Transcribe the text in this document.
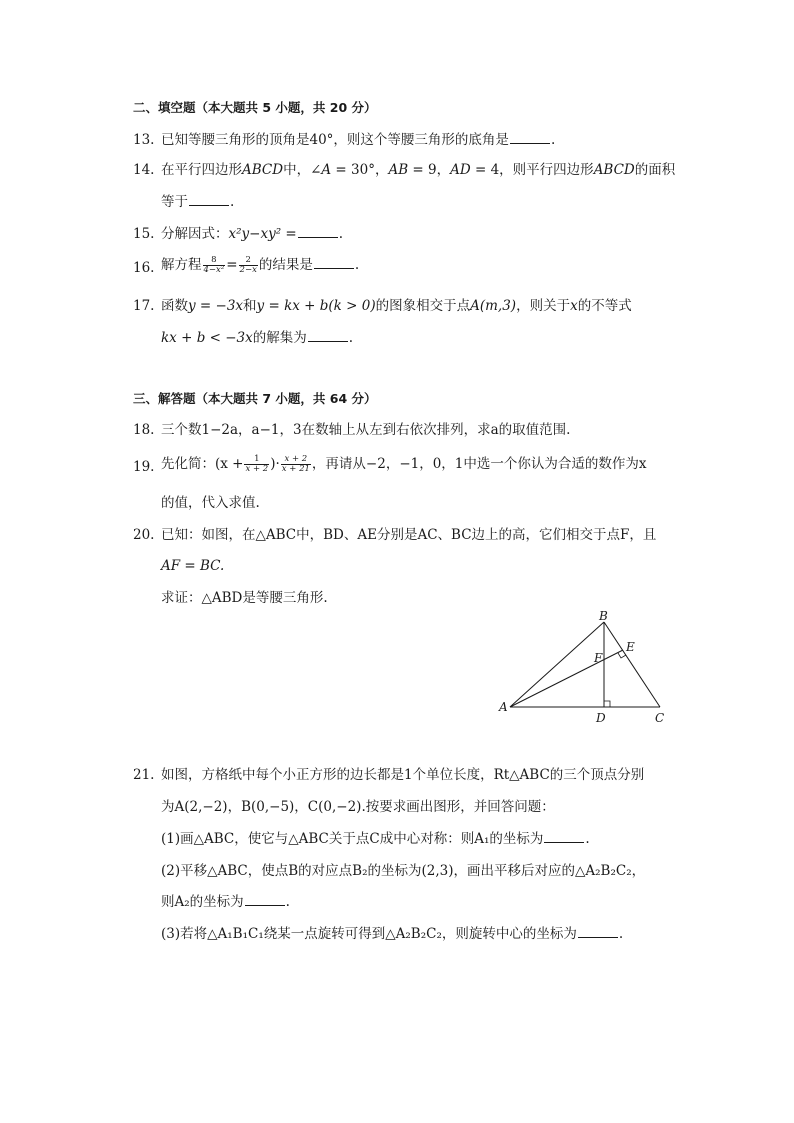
二、填空题（本大题共 5 小题，共 20 分）
13. 已知等腰三角形的顶角是40°，则这个等腰三角形的底角是	.
14. 在平行四边形ABCD中，∠A = 30°，AB = 9，AD = 4，则平行四边形ABCD的面积
等于	.
15. 分解因式：x²y−xy² =	.
16. 解方程 $\frac{8}{\text{4−x²}} = \frac{2}{2-x}$ 的结果是	.
17. 函数y = −3x和y = kx + b(k > 0)的图象相交于点A(m,3)，则关于x的不等式
kx + b < −3x的解集为	.
三、解答题（本大题共 7 小题，共 64 分）
18. 三个数1−2a，a−1，3在数轴上从左到右依次排列，求a的取值范围.
19. 先化简：($x + \frac{1}{x + 2}$ )· $\frac{x + 2}{x + 21}$ ，再请从−2，−1，0，1中选一个你认为合适的数作为x
的值，代入求值.
20. 已知：如图，在△ABC中，BD、AE分别是AC、BC边上的高，它们相交于点F，且
AF = BC.
求证：△ABD是等腰三角形.
A
B
C
D
E
F
21. 如图，方格纸中每个小正方形的边长都是1个单位长度，Rt△ABC的三个顶点分别
为A(2,−2)，B(0,−5)，C(0,−2).按要求画出图形，并回答问题：
(1)画△ABC，使它与△ABC关于点C成中心对称：则A₁的坐标为	.
(2)平移△ABC，使点B的对应点B₂的坐标为(2,3)，画出平移后对应的△A₂B₂C₂，
则A₂的坐标为	.
(3)若将△A₁B₁C₁绕某一点旋转可得到△A₂B₂C₂，则旋转中心的坐标为	.
